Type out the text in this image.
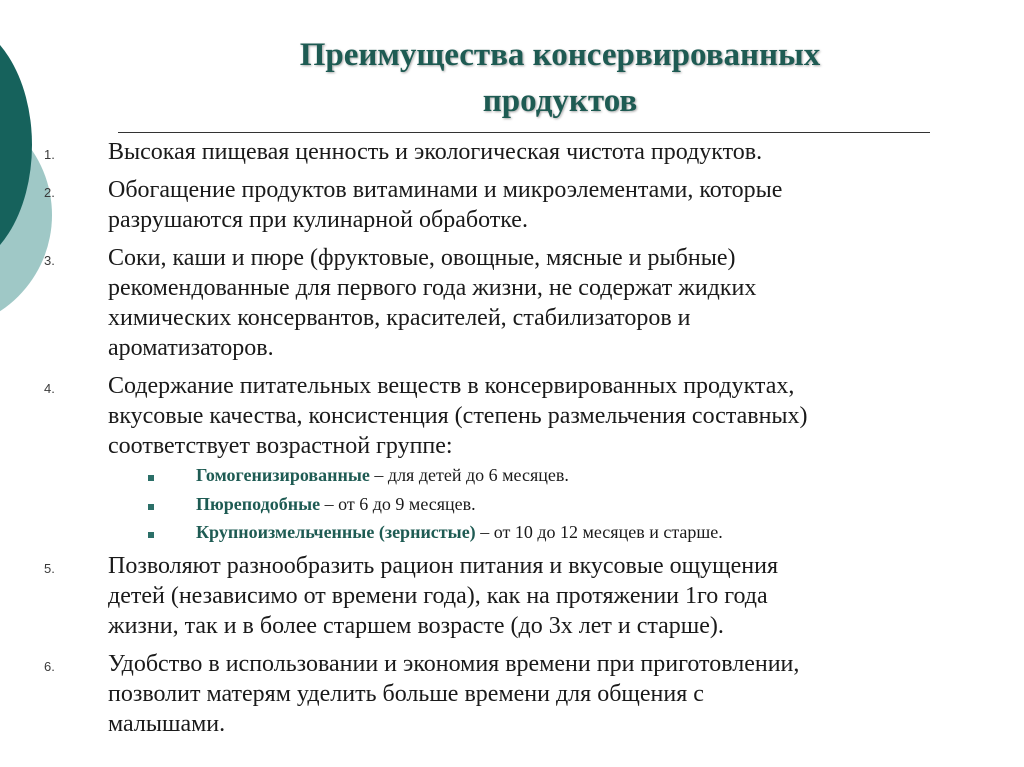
Преимущества консервированных
продуктов
1. Высокая пищевая ценность и экологическая чистота продуктов.
2. Обогащение продуктов витаминами и микроэлементами, которые
разрушаются при кулинарной обработке.
3. Соки, каши и пюре (фруктовые, овощные, мясные и рыбные)
рекомендованные для первого года жизни, не содержат жидких
химических консервантов, красителей, стабилизаторов и
ароматизаторов.
4. Содержание питательных веществ в консервированных продуктах,
вкусовые качества, консистенция (степень размельчения составных)
соответствует возрастной группе:
Гомогенизированные – для детей до 6 месяцев.
Пюреподобные – от 6 до 9 месяцев.
Крупноизмельченные (зернистые) – от 10 до 12 месяцев и старше.
5. Позволяют разнообразить рацион питания и вкусовые ощущения
детей (независимо от времени года), как на протяжении 1го года
жизни, так и в более старшем возрасте (до 3х лет и старше).
6. Удобство в использовании и экономия времени при приготовлении,
позволит матерям уделить больше времени для общения с
малышами.
